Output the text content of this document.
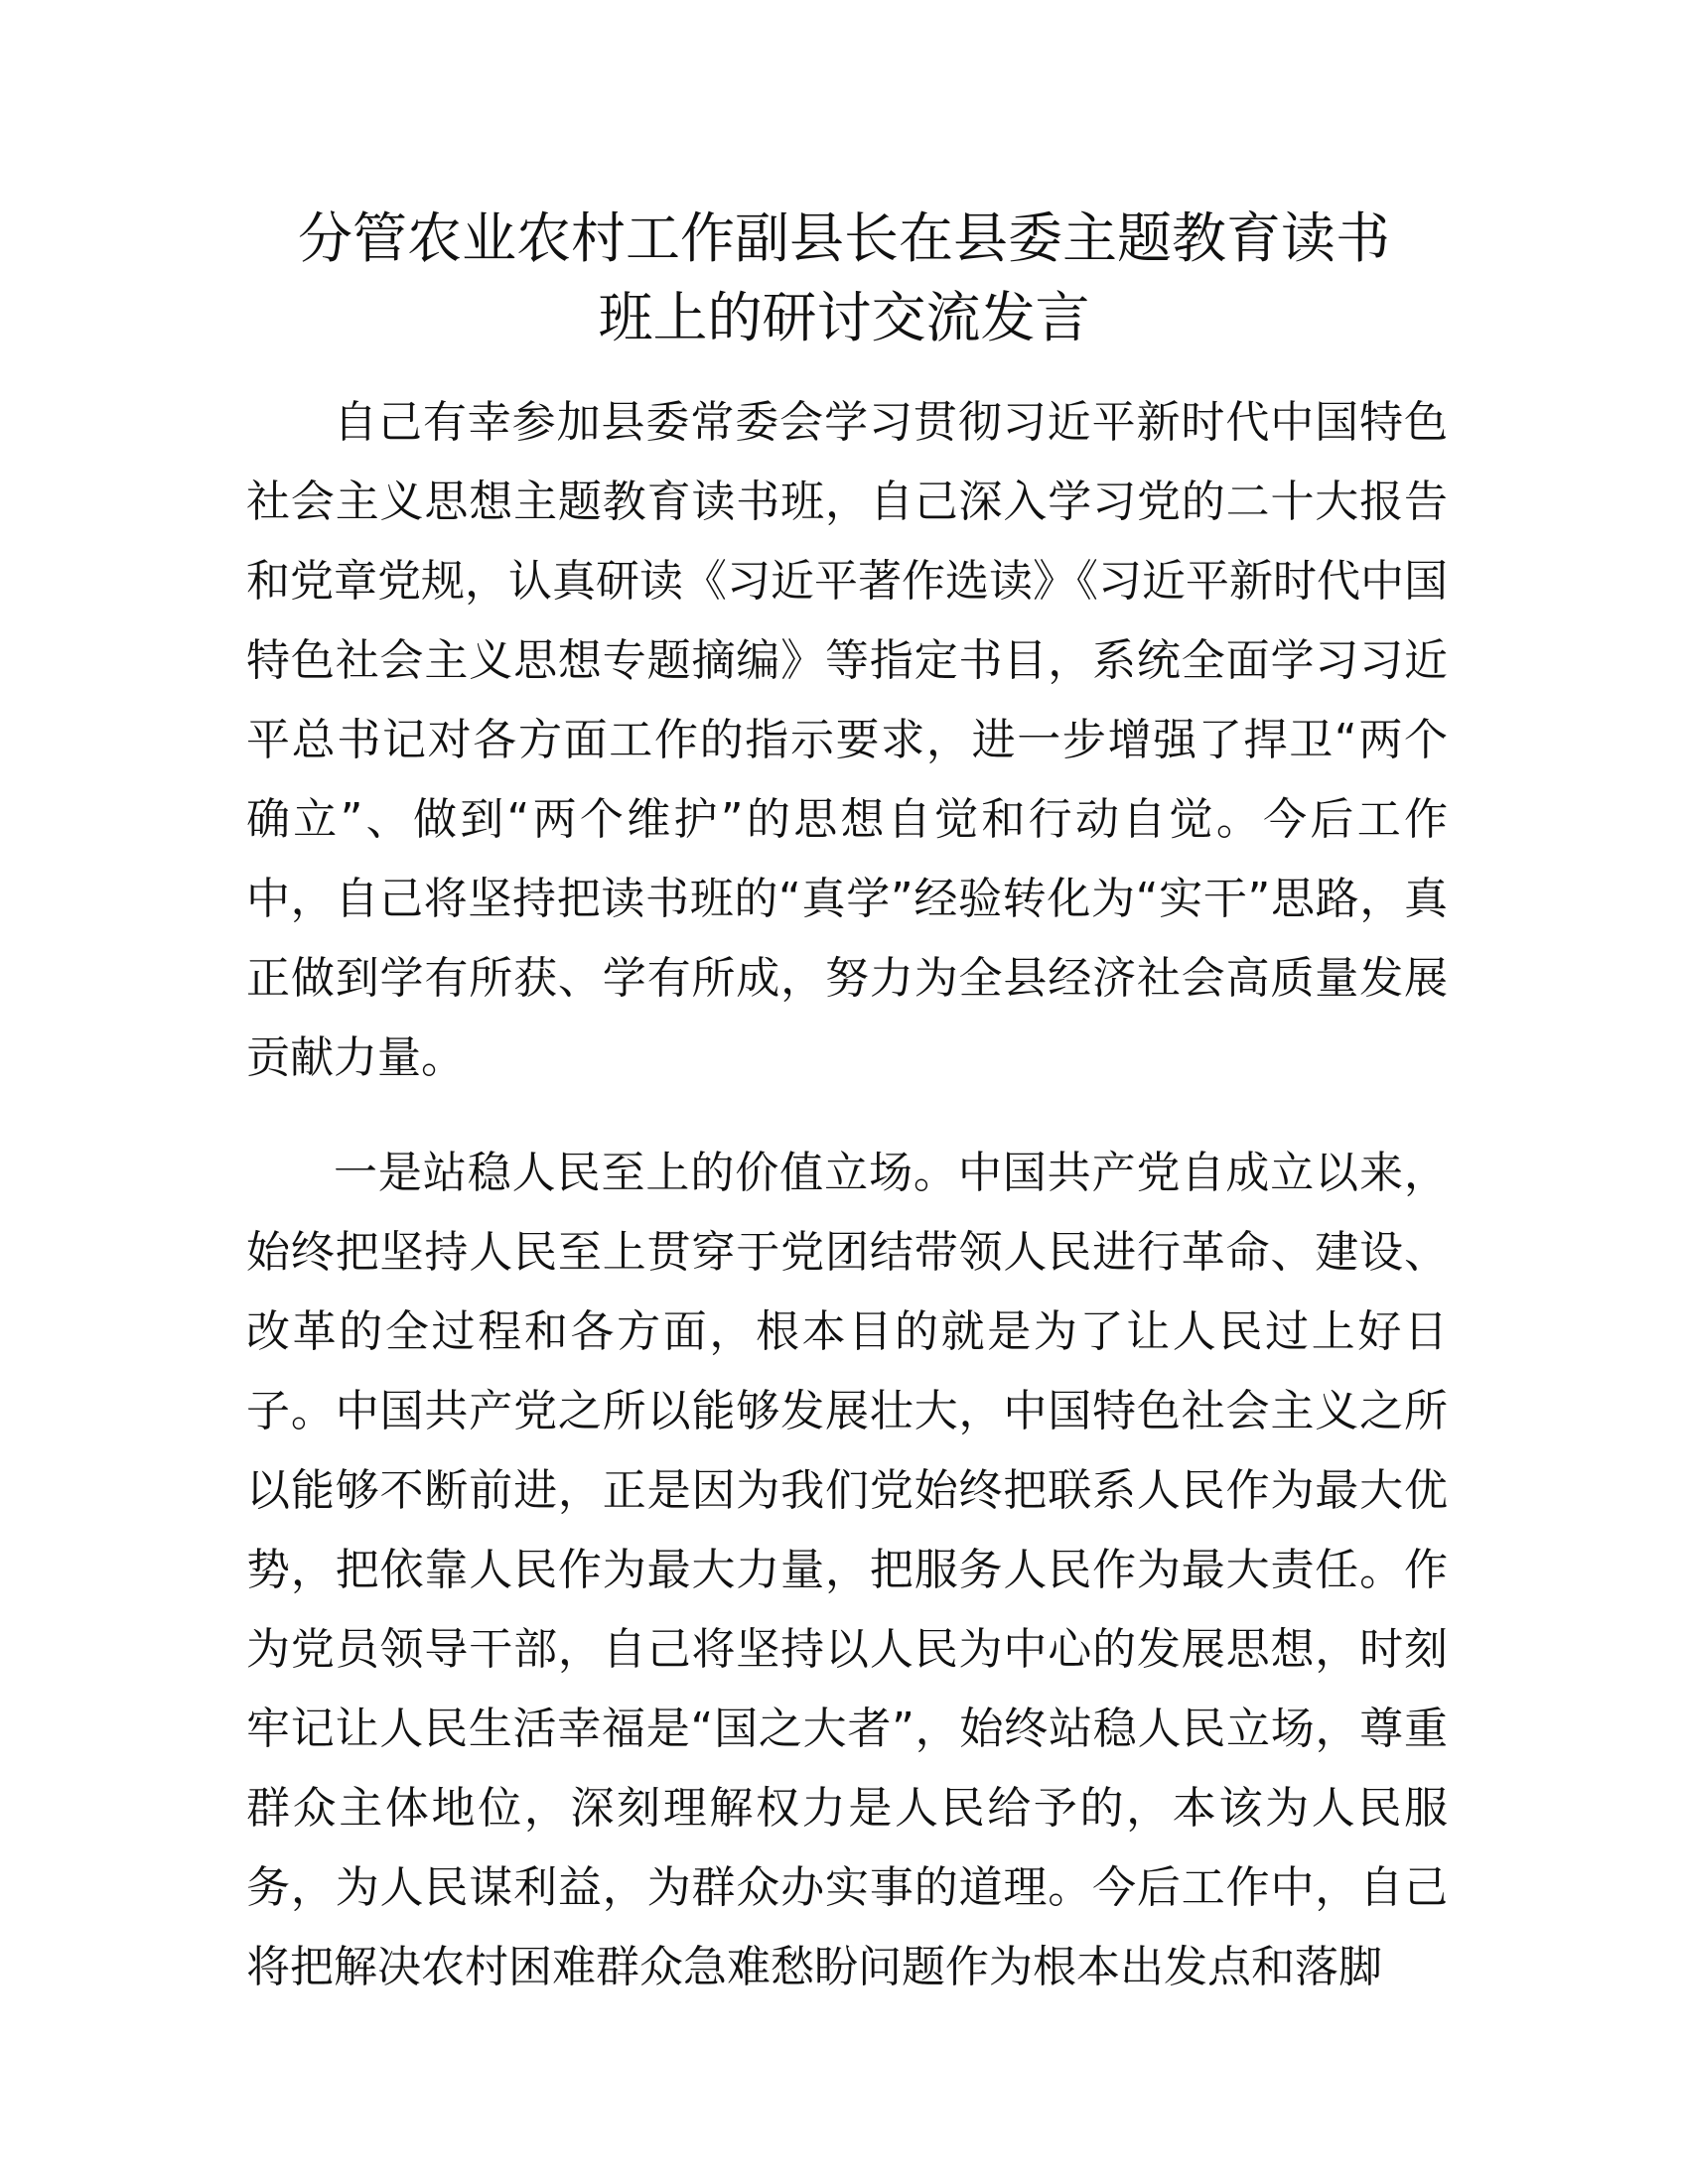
分管农业农村工作副县长在县委主题教育读书
班上的研讨交流发言

自己有幸参加县委常委会学习贯彻习近平新时代中国特色社会主义思想主题教育读书班，自己深入学习党的二十大报告和党章党规，认真研读《习近平著作选读》《习近平新时代中国特色社会主义思想专题摘编》等指定书目，系统全面学习习近平总书记对各方面工作的指示要求，进一步增强了捍卫“两个确立”、做到“两个维护”的思想自觉和行动自觉。今后工作中，自己将坚持把读书班的“真学”经验转化为“实干”思路，真正做到学有所获、学有所成，努力为全县经济社会高质量发展贡献力量。

一是站稳人民至上的价值立场。中国共产党自成立以来，始终把坚持人民至上贯穿于党团结带领人民进行革命、建设、改革的全过程和各方面，根本目的就是为了让人民过上好日子。中国共产党之所以能够发展壮大，中国特色社会主义之所以能够不断前进，正是因为我们党始终把联系人民作为最大优势，把依靠人民作为最大力量，把服务人民作为最大责任。作为党员领导干部，自己将坚持以人民为中心的发展思想，时刻牢记让人民生活幸福是“国之大者”，始终站稳人民立场，尊重群众主体地位，深刻理解权力是人民给予的，本该为人民服务，为人民谋利益，为群众办实事的道理。今后工作中，自己将把解决农村困难群众急难愁盼问题作为根本出发点和落脚
